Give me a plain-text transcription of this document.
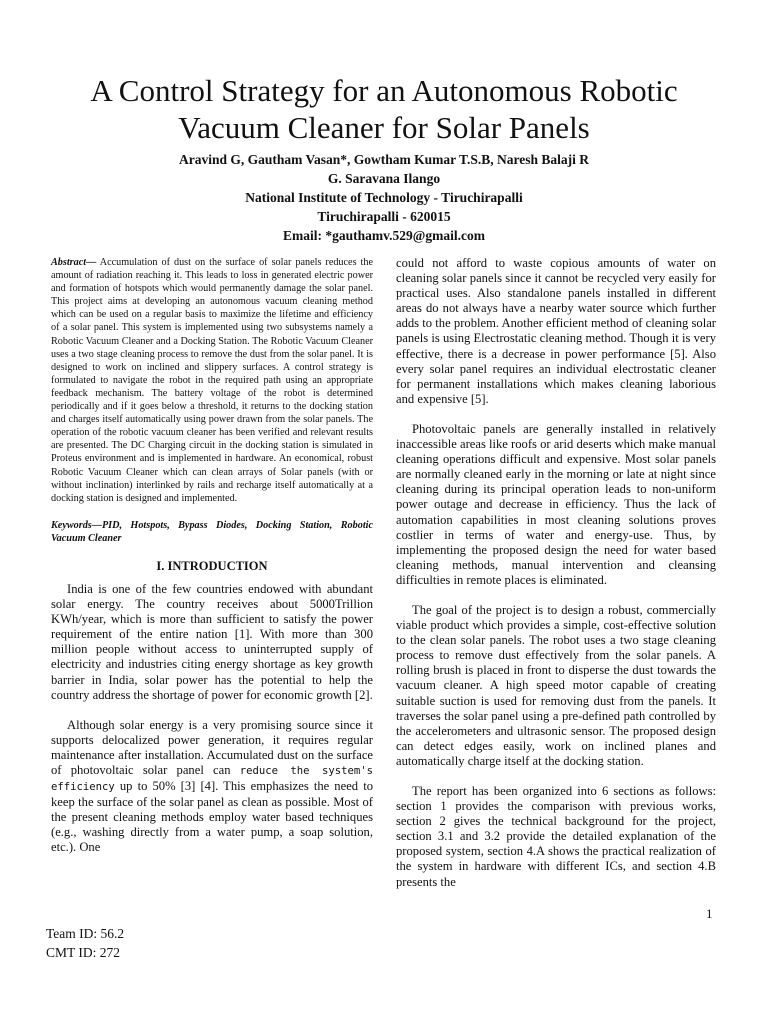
A Control Strategy for an Autonomous Robotic
Vacuum Cleaner for Solar Panels
Aravind G, Gautham Vasan*, Gowtham Kumar T.S.B, Naresh Balaji R
G. Saravana Ilango
National Institute of Technology - Tiruchirapalli
Tiruchirapalli - 620015
Email: *gauthamv.529@gmail.com

Abstract— Accumulation of dust on the surface of solar panels reduces the amount of radiation reaching it. This leads to loss in generated electric power and formation of hotspots which would permanently damage the solar panel. This project aims at developing an autonomous vacuum cleaning method which can be used on a regular basis to maximize the lifetime and efficiency of a solar panel. This system is implemented using two subsystems namely a Robotic Vacuum Cleaner and a Docking Station. The Robotic Vacuum Cleaner uses a two stage cleaning process to remove the dust from the solar panel. It is designed to work on inclined and slippery surfaces. A control strategy is formulated to navigate the robot in the required path using an appropriate feedback mechanism. The battery voltage of the robot is determined periodically and if it goes below a threshold, it returns to the docking station and charges itself automatically using power drawn from the solar panels. The operation of the robotic vacuum cleaner has been verified and relevant results are presented. The DC Charging circuit in the docking station is simulated in Proteus environment and is implemented in hardware. An economical, robust Robotic Vacuum Cleaner which can clean arrays of Solar panels (with or without inclination) interlinked by rails and recharge itself automatically at a docking station is designed and implemented.

Keywords—PID, Hotspots, Bypass Diodes, Docking Station, Robotic Vacuum Cleaner

I. INTRODUCTION

India is one of the few countries endowed with abundant solar energy. The country receives about 5000Trillion KWh/year, which is more than sufficient to satisfy the power requirement of the entire nation [1]. With more than 300 million people without access to uninterrupted supply of electricity and industries citing energy shortage as key growth barrier in India, solar power has the potential to help the country address the shortage of power for economic growth [2].

Although solar energy is a very promising source since it supports delocalized power generation, it requires regular maintenance after installation. Accumulated dust on the surface of photovoltaic solar panel can reduce the system's efficiency up to 50% [3] [4]. This emphasizes the need to keep the surface of the solar panel as clean as possible. Most of the present cleaning methods employ water based techniques (e.g., washing directly from a water pump, a soap solution, etc.). One

could not afford to waste copious amounts of water on cleaning solar panels since it cannot be recycled very easily for practical uses. Also standalone panels installed in different areas do not always have a nearby water source which further adds to the problem. Another efficient method of cleaning solar panels is using Electrostatic cleaning method. Though it is very effective, there is a decrease in power performance [5]. Also every solar panel requires an individual electrostatic cleaner for permanent installations which makes cleaning laborious and expensive [5].

Photovoltaic panels are generally installed in relatively inaccessible areas like roofs or arid deserts which make manual cleaning operations difficult and expensive. Most solar panels are normally cleaned early in the morning or late at night since cleaning during its principal operation leads to non-uniform power outage and decrease in efficiency. Thus the lack of automation capabilities in most cleaning solutions proves costlier in terms of water and energy-use. Thus, by implementing the proposed design the need for water based cleaning methods, manual intervention and cleansing difficulties in remote places is eliminated.

The goal of the project is to design a robust, commercially viable product which provides a simple, cost-effective solution to the clean solar panels. The robot uses a two stage cleaning process to remove dust effectively from the solar panels. A rolling brush is placed in front to disperse the dust towards the vacuum cleaner. A high speed motor capable of creating suitable suction is used for removing dust from the panels. It traverses the solar panel using a pre-defined path controlled by the accelerometers and ultrasonic sensor. The proposed design can detect edges easily, work on inclined planes and automatically charge itself at the docking station.

The report has been organized into 6 sections as follows: section 1 provides the comparison with previous works, section 2 gives the technical background for the project, section 3.1 and 3.2 provide the detailed explanation of the proposed system, section 4.A shows the practical realization of the system in hardware with different ICs, and section 4.B presents the

1
Team ID: 56.2
CMT ID: 272
